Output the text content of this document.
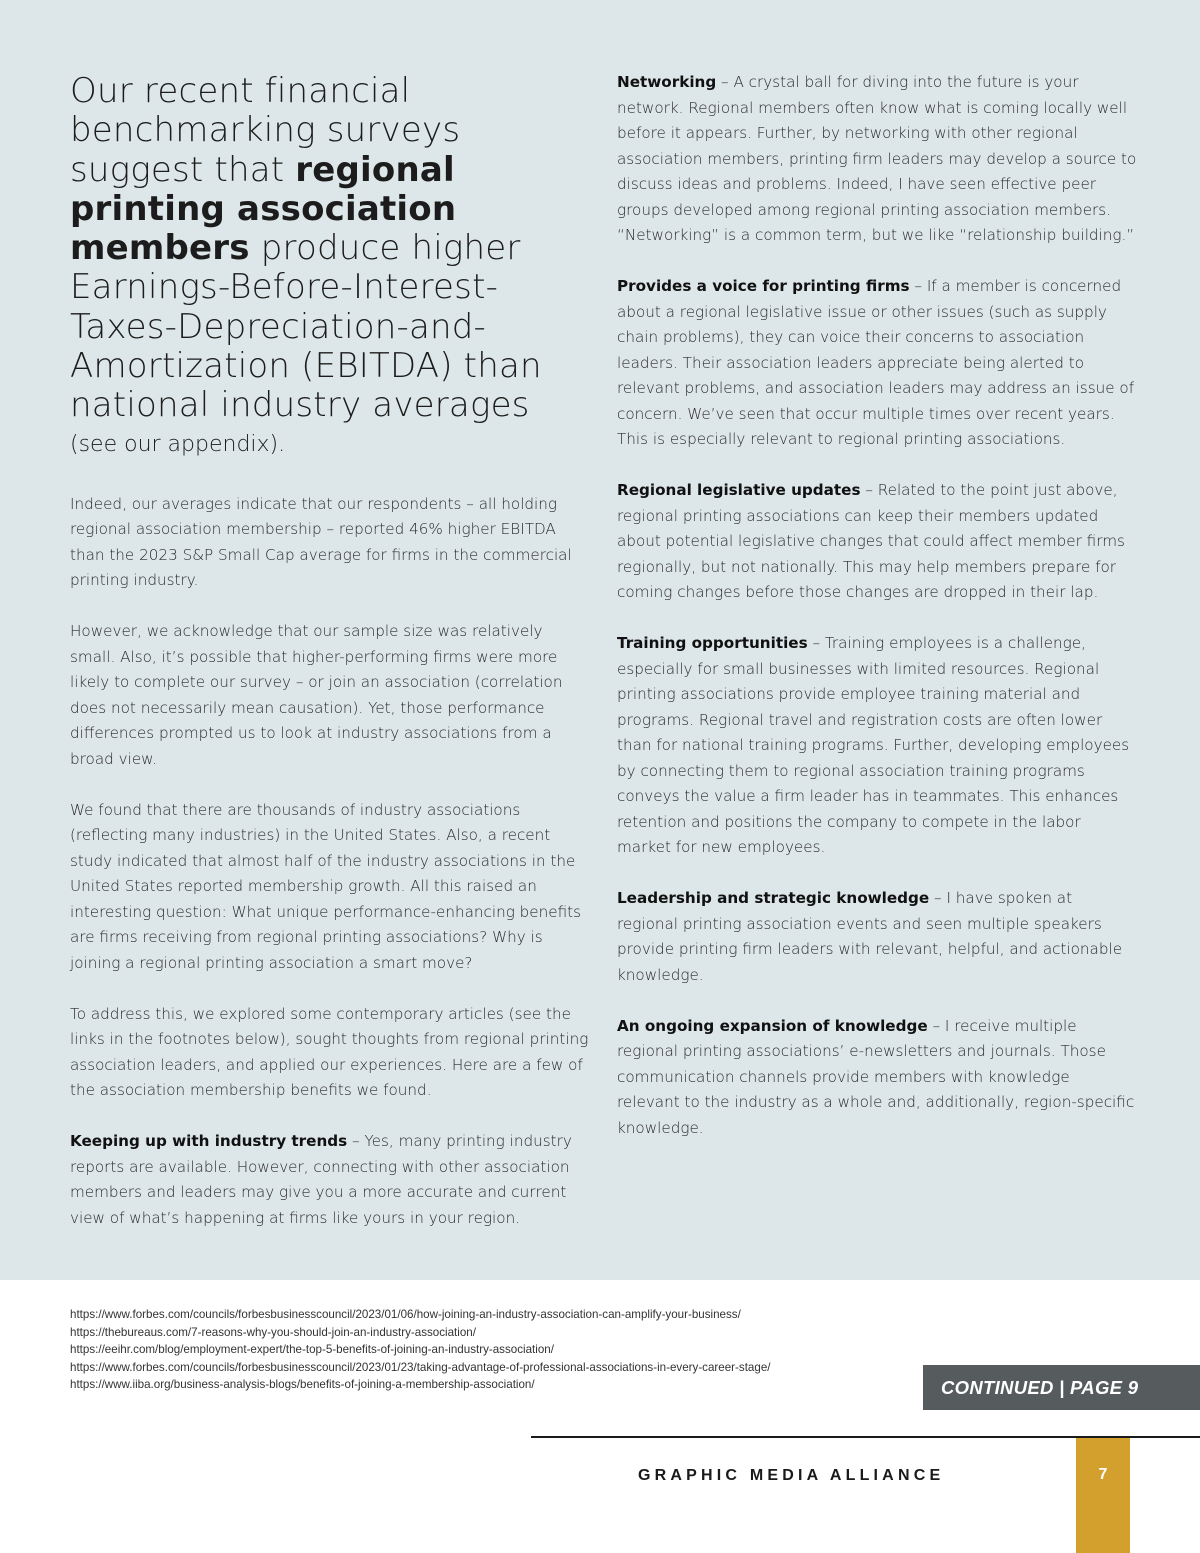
Our recent financial benchmarking surveys suggest that regional printing association members produce higher Earnings-Before-Interest-Taxes-Depreciation-and-Amortization (EBITDA) than national industry averages
(see our appendix).

Indeed, our averages indicate that our respondents – all holding regional association membership – reported 46% higher EBITDA than the 2023 S&P Small Cap average for firms in the commercial printing industry.

However, we acknowledge that our sample size was relatively small. Also, it’s possible that higher-performing firms were more likely to complete our survey – or join an association (correlation does not necessarily mean causation). Yet, those performance differences prompted us to look at industry associations from a broad view.

We found that there are thousands of industry associations (reflecting many industries) in the United States. Also, a recent study indicated that almost half of the industry associations in the United States reported membership growth. All this raised an interesting question: What unique performance-enhancing benefits are firms receiving from regional printing associations? Why is joining a regional printing association a smart move?

To address this, we explored some contemporary articles (see the links in the footnotes below), sought thoughts from regional printing association leaders, and applied our experiences. Here are a few of the association membership benefits we found.

Keeping up with industry trends – Yes, many printing industry reports are available. However, connecting with other association members and leaders may give you a more accurate and current view of what’s happening at firms like yours in your region.

Networking – A crystal ball for diving into the future is your network. Regional members often know what is coming locally well before it appears. Further, by networking with other regional association members, printing firm leaders may develop a source to discuss ideas and problems. Indeed, I have seen effective peer groups developed among regional printing association members. “Networking” is a common term, but we like “relationship building.”

Provides a voice for printing firms – If a member is concerned about a regional legislative issue or other issues (such as supply chain problems), they can voice their concerns to association leaders. Their association leaders appreciate being alerted to relevant problems, and association leaders may address an issue of concern. We’ve seen that occur multiple times over recent years. This is especially relevant to regional printing associations.

Regional legislative updates – Related to the point just above, regional printing associations can keep their members updated about potential legislative changes that could affect member firms regionally, but not nationally. This may help members prepare for coming changes before those changes are dropped in their lap.

Training opportunities – Training employees is a challenge, especially for small businesses with limited resources. Regional printing associations provide employee training material and programs. Regional travel and registration costs are often lower than for national training programs. Further, developing employees by connecting them to regional association training programs conveys the value a firm leader has in teammates. This enhances retention and positions the company to compete in the labor market for new employees.

Leadership and strategic knowledge – I have spoken at regional printing association events and seen multiple speakers provide printing firm leaders with relevant, helpful, and actionable knowledge.

An ongoing expansion of knowledge – I receive multiple regional printing associations’ e-newsletters and journals. Those communication channels provide members with knowledge relevant to the industry as a whole and, additionally, region-specific knowledge.

https://www.forbes.com/councils/forbesbusinesscouncil/2023/01/06/how-joining-an-industry-association-can-amplify-your-business/
https://thebureaus.com/7-reasons-why-you-should-join-an-industry-association/
https://eeihr.com/blog/employment-expert/the-top-5-benefits-of-joining-an-industry-association/
https://www.forbes.com/councils/forbesbusinesscouncil/2023/01/23/taking-advantage-of-professional-associations-in-every-career-stage/
https://www.iiba.org/business-analysis-blogs/benefits-of-joining-a-membership-association/	CONTINUED | PAGE 9
GRAPHIC MEDIA ALLIANCE	7
